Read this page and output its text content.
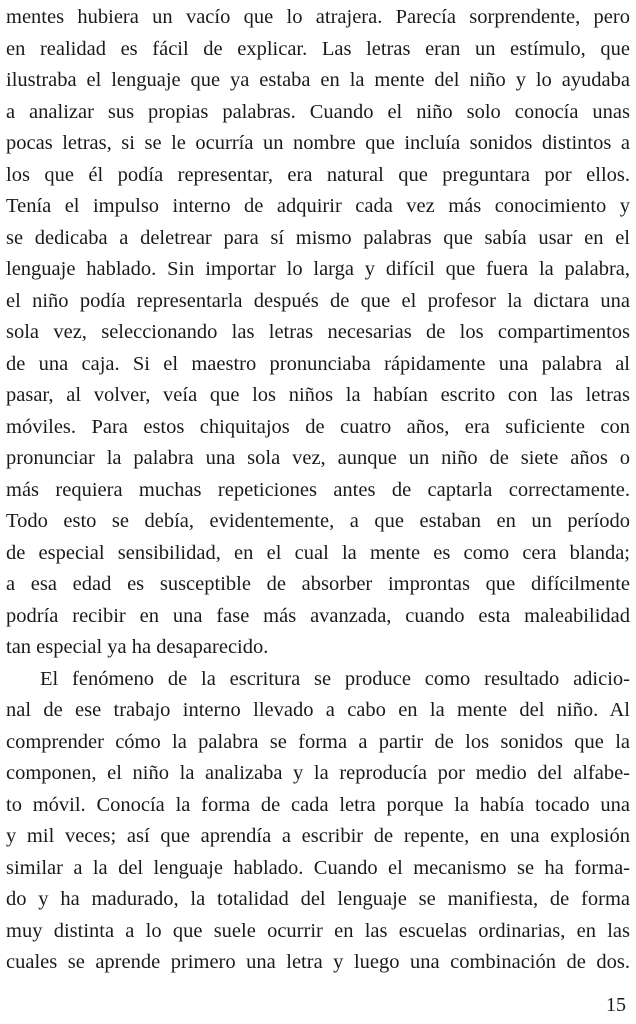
mentes hubiera un vacío que lo atrajera. Parecía sorprendente, pero
en realidad es fácil de explicar. Las letras eran un estímulo, que
ilustraba el lenguaje que ya estaba en la mente del niño y lo ayudaba
a analizar sus propias palabras. Cuando el niño solo conocía unas
pocas letras, si se le ocurría un nombre que incluía sonidos distintos a
los que él podía representar, era natural que preguntara por ellos.
Tenía el impulso interno de adquirir cada vez más conocimiento y
se dedicaba a deletrear para sí mismo palabras que sabía usar en el
lenguaje hablado. Sin importar lo larga y difícil que fuera la palabra,
el niño podía representarla después de que el profesor la dictara una
sola vez, seleccionando las letras necesarias de los compartimentos
de una caja. Si el maestro pronunciaba rápidamente una palabra al
pasar, al volver, veía que los niños la habían escrito con las letras
móviles. Para estos chiquitajos de cuatro años, era suficiente con
pronunciar la palabra una sola vez, aunque un niño de siete años o
más requiera muchas repeticiones antes de captarla correctamente.
Todo esto se debía, evidentemente, a que estaban en un período
de especial sensibilidad, en el cual la mente es como cera blanda;
a esa edad es susceptible de absorber improntas que difícilmente
podría recibir en una fase más avanzada, cuando esta maleabilidad
tan especial ya ha desaparecido.
El fenómeno de la escritura se produce como resultado adicio-
nal de ese trabajo interno llevado a cabo en la mente del niño. Al
comprender cómo la palabra se forma a partir de los sonidos que la
componen, el niño la analizaba y la reproducía por medio del alfabe-
to móvil. Conocía la forma de cada letra porque la había tocado una
y mil veces; así que aprendía a escribir de repente, en una explosión
similar a la del lenguaje hablado. Cuando el mecanismo se ha forma-
do y ha madurado, la totalidad del lenguaje se manifiesta, de forma
muy distinta a lo que suele ocurrir en las escuelas ordinarias, en las
cuales se aprende primero una letra y luego una combinación de dos.
15
